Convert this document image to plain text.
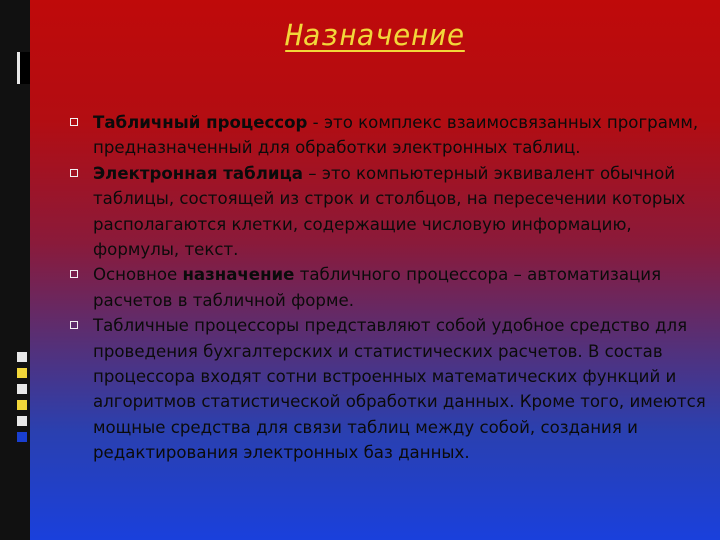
Назначение
Табличный процессор - это комплекс взаимосвязанных программ, предназначенный для обработки электронных таблиц.
Электронная таблица – это компьютерный эквивалент обычной таблицы, состоящей из строк и столбцов, на пересечении которых располагаются клетки, содержащие числовую информацию, формулы, текст.
Основное назначение табличного процессора – автоматизация расчетов в табличной форме.
Табличные процессоры представляют собой удобное средство для проведения бухгалтерских и статистических расчетов. В состав процессора входят сотни встроенных математических функций и алгоритмов статистической обработки данных. Кроме того, имеются мощные средства для связи таблиц между собой, создания и редактирования электронных баз данных.
